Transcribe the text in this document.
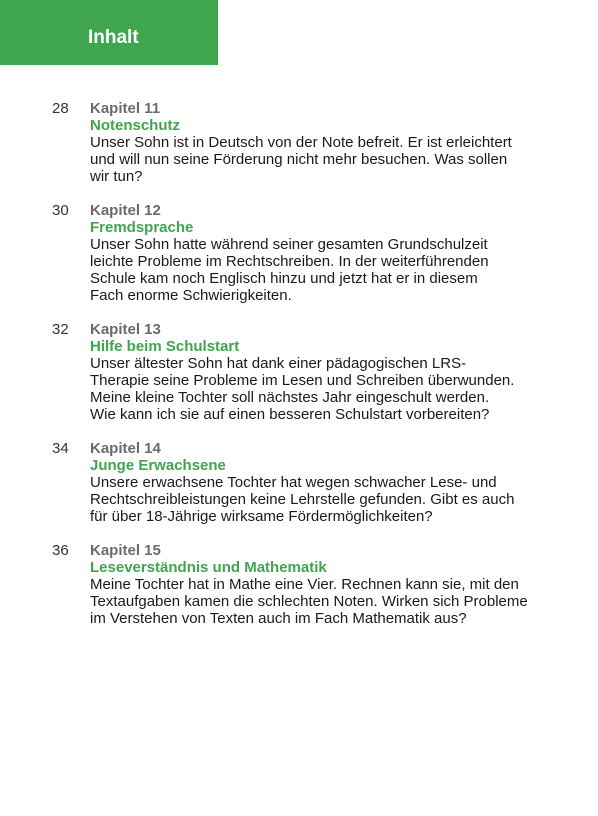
Inhalt
28 Kapitel 11
Notenschutz
Unser Sohn ist in Deutsch von der Note befreit. Er ist erleichtert
und will nun seine Förderung nicht mehr besuchen. Was sollen
wir tun?
30 Kapitel 12
Fremdsprache
Unser Sohn hatte während seiner gesamten Grundschulzeit
leichte Probleme im Rechtschreiben. In der weiterführenden
Schule kam noch Englisch hinzu und jetzt hat er in diesem
Fach enorme Schwierigkeiten.
32 Kapitel 13
Hilfe beim Schulstart
Unser ältester Sohn hat dank einer pädagogischen LRS-
Therapie seine Probleme im Lesen und Schreiben überwunden.
Meine kleine Tochter soll nächstes Jahr eingeschult werden.
Wie kann ich sie auf einen besseren Schulstart vorbereiten?
34 Kapitel 14
Junge Erwachsene
Unsere erwachsene Tochter hat wegen schwacher Lese- und
Rechtschreibleistungen keine Lehrstelle gefunden. Gibt es auch
für über 18-Jährige wirksame Fördermöglichkeiten?
36 Kapitel 15
Leseverständnis und Mathematik
Meine Tochter hat in Mathe eine Vier. Rechnen kann sie, mit den
Textaufgaben kamen die schlechten Noten. Wirken sich Probleme
im Verstehen von Texten auch im Fach Mathematik aus?
